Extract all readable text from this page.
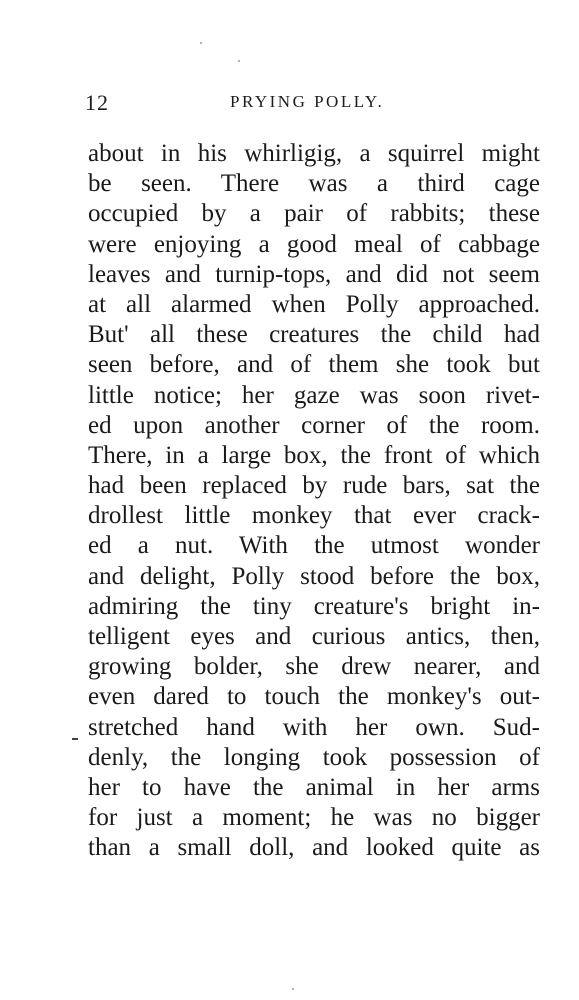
12	PRYING POLLY.
about in his whirligig, a squirrel might
be seen. There was a third cage
occupied by a pair of rabbits; these
were enjoying a good meal of cabbage
leaves and turnip-tops, and did not seem
at all alarmed when Polly approached.
But' all these creatures the child had
seen before, and of them she took but
little notice; her gaze was soon rivet-
ed upon another corner of the room.
There, in a large box, the front of which
had been replaced by rude bars, sat the
drollest little monkey that ever crack-
ed a nut. With the utmost wonder
and delight, Polly stood before the box,
admiring the tiny creature's bright in-
telligent eyes and curious antics, then,
growing bolder, she drew nearer, and
even dared to touch the monkey's out-
stretched hand with her own. Sud-
denly, the longing took possession of
her to have the animal in her arms
for just a moment; he was no bigger
than a small doll, and looked quite as
